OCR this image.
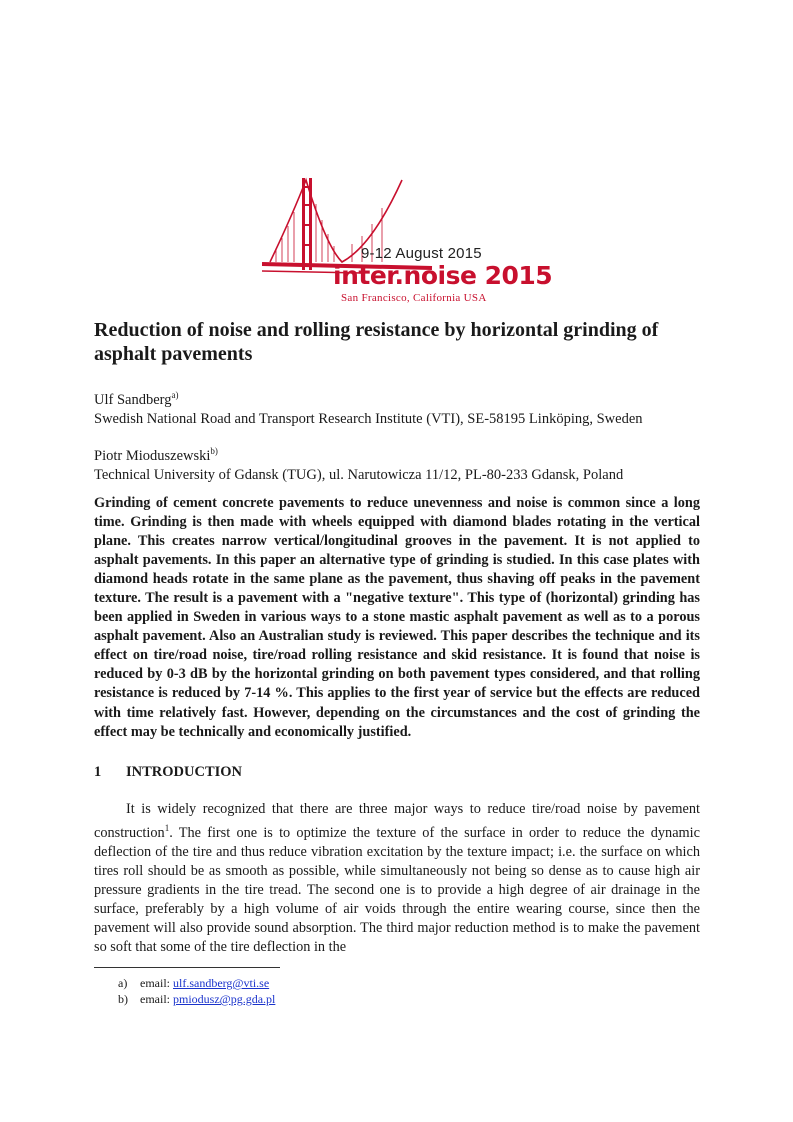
9-12 August 2015
inter.noise 2015
San Francisco, California USA
Reduction of noise and rolling resistance by horizontal grinding of asphalt pavements
Ulf Sandberg$^{a)}$
Swedish National Road and Transport Research Institute (VTI), SE-58195 Linköping, Sweden
Piotr Mioduszewski$^{b)}$
Technical University of Gdansk (TUG), ul. Narutowicza 11/12, PL-80-233 Gdansk, Poland

Grinding of cement concrete pavements to reduce unevenness and noise is common since a long time. Grinding is then made with wheels equipped with diamond blades rotating in the vertical plane. This creates narrow vertical/longitudinal grooves in the pavement. It is not applied to asphalt pavements. In this paper an alternative type of grinding is studied. In this case plates with diamond heads rotate in the same plane as the pavement, thus shaving off peaks in the pavement texture. The result is a pavement with a "negative texture". This type of (horizontal) grinding has been applied in Sweden in various ways to a stone mastic asphalt pavement as well as to a porous asphalt pavement. Also an Australian study is reviewed. This paper describes the technique and its effect on tire/road noise, tire/road rolling resistance and skid resistance. It is found that noise is reduced by 0-3 dB by the horizontal grinding on both pavement types considered, and that rolling resistance is reduced by 7-14 %. This applies to the first year of service but the effects are reduced with time relatively fast. However, depending on the circumstances and the cost of grinding the effect may be technically and economically justified.

1 INTRODUCTION

It is widely recognized that there are three major ways to reduce tire/road noise by pavement construction$^1$. The first one is to optimize the texture of the surface in order to reduce the dynamic deflection of the tire and thus reduce vibration excitation by the texture impact; i.e. the surface on which tires roll should be as smooth as possible, while simultaneously not being so dense as to cause high air pressure gradients in the tire tread. The second one is to provide a high degree of air drainage in the surface, preferably by a high volume of air voids through the entire wearing course, since then the pavement will also provide sound absorption. The third major reduction method is to make the pavement so soft that some of the tire deflection in the

a) email: ulf.sandberg@vti.se
b) email: pmiodusz@pg.gda.pl
